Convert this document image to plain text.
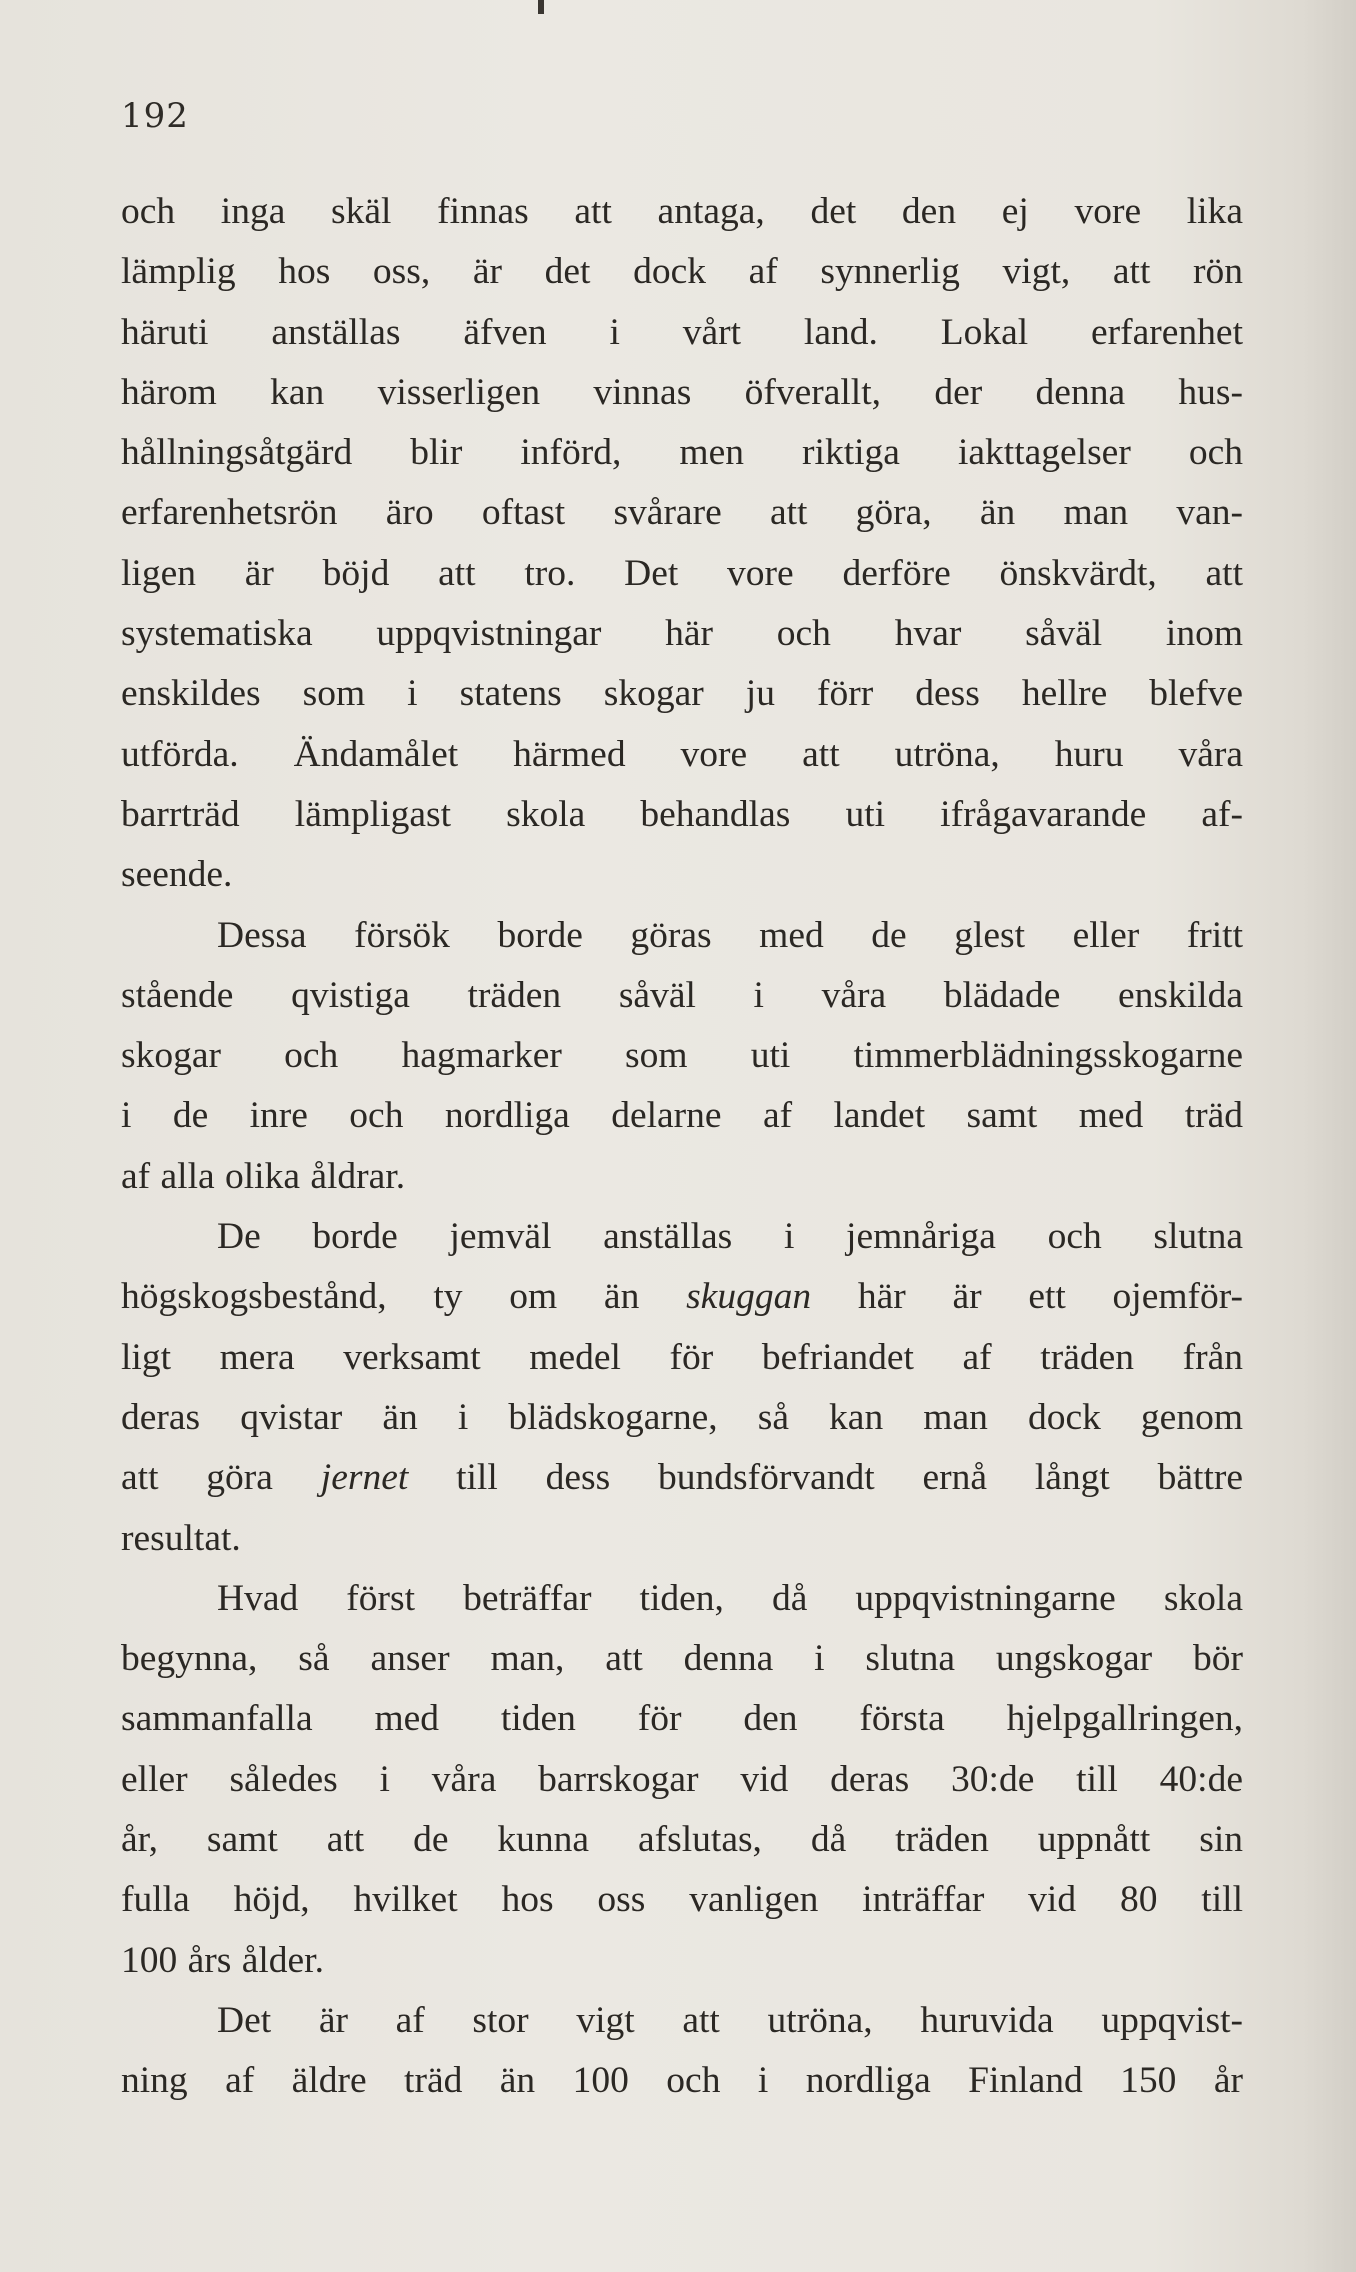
192
och inga skäl finnas att antaga, det den ej vore lika
lämplig hos oss, är det dock af synnerlig vigt, att rön
häruti anställas äfven i vårt land. Lokal erfarenhet
härom kan visserligen vinnas öfverallt, der denna hus-
hållningsåtgärd blir införd, men riktiga iakttagelser och
erfarenhetsrön äro oftast svårare att göra, än man van-
ligen är böjd att tro. Det vore derföre önskvärdt, att
systematiska uppqvistningar här och hvar såväl inom
enskildes som i statens skogar ju förr dess hellre blefve
utförda. Ändamålet härmed vore att utröna, huru våra
barrträd lämpligast skola behandlas uti ifrågavarande af-
seende.
Dessa försök borde göras med de glest eller fritt
stående qvistiga träden såväl i våra blädade enskilda
skogar och hagmarker som uti timmerblädningsskogarne
i de inre och nordliga delarne af landet samt med träd
af alla olika åldrar.
De borde jemväl anställas i jemnåriga och slutna
högskogsbestånd, ty om än skuggan här är ett ojemför-
ligt mera verksamt medel för befriandet af träden från
deras qvistar än i blädskogarne, så kan man dock genom
att göra jernet till dess bundsförvandt ernå långt bättre
resultat.
Hvad först beträffar tiden, då uppqvistningarne skola
begynna, så anser man, att denna i slutna ungskogar bör
sammanfalla med tiden för den första hjelpgallringen,
eller således i våra barrskogar vid deras 30:de till 40:de
år, samt att de kunna afslutas, då träden uppnått sin
fulla höjd, hvilket hos oss vanligen inträffar vid 80 till
100 års ålder.
Det är af stor vigt att utröna, huruvida uppqvist-
ning af äldre träd än 100 och i nordliga Finland 150 år
